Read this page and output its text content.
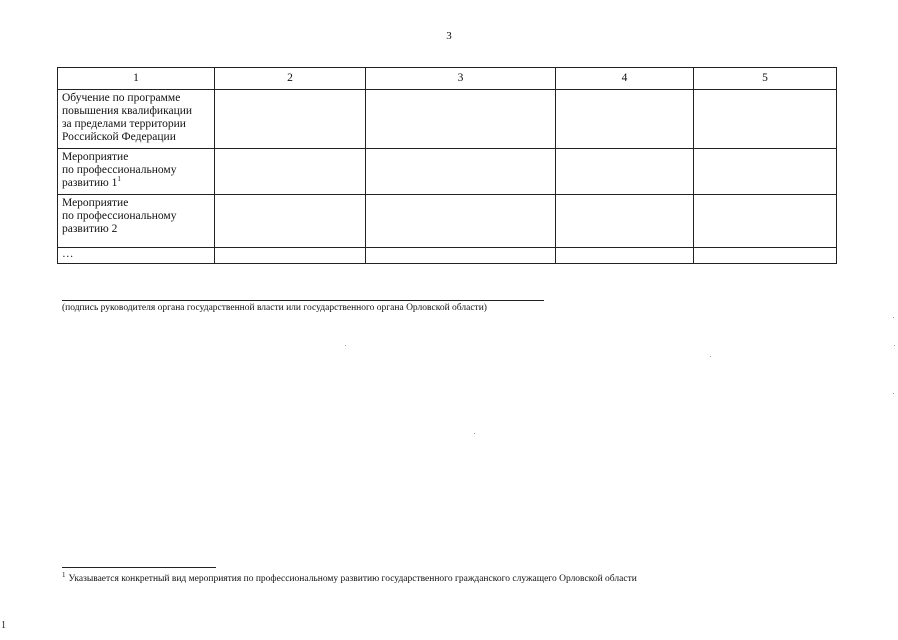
3
1	2	3	4	5

Обучение по программе
повышения квалификации
за пределами территории
Российской Федерации				

Мероприятие
по профессиональному
развитию 1$^1$

Мероприятие
по профессиональному
развитию 2				

…				

(подпись руководителя органа государственной власти или государственного органа Орловской области)
$^1$ Указывается конкретный вид мероприятия по профессиональному развитию государственного гражданского служащего Орловской области
1
